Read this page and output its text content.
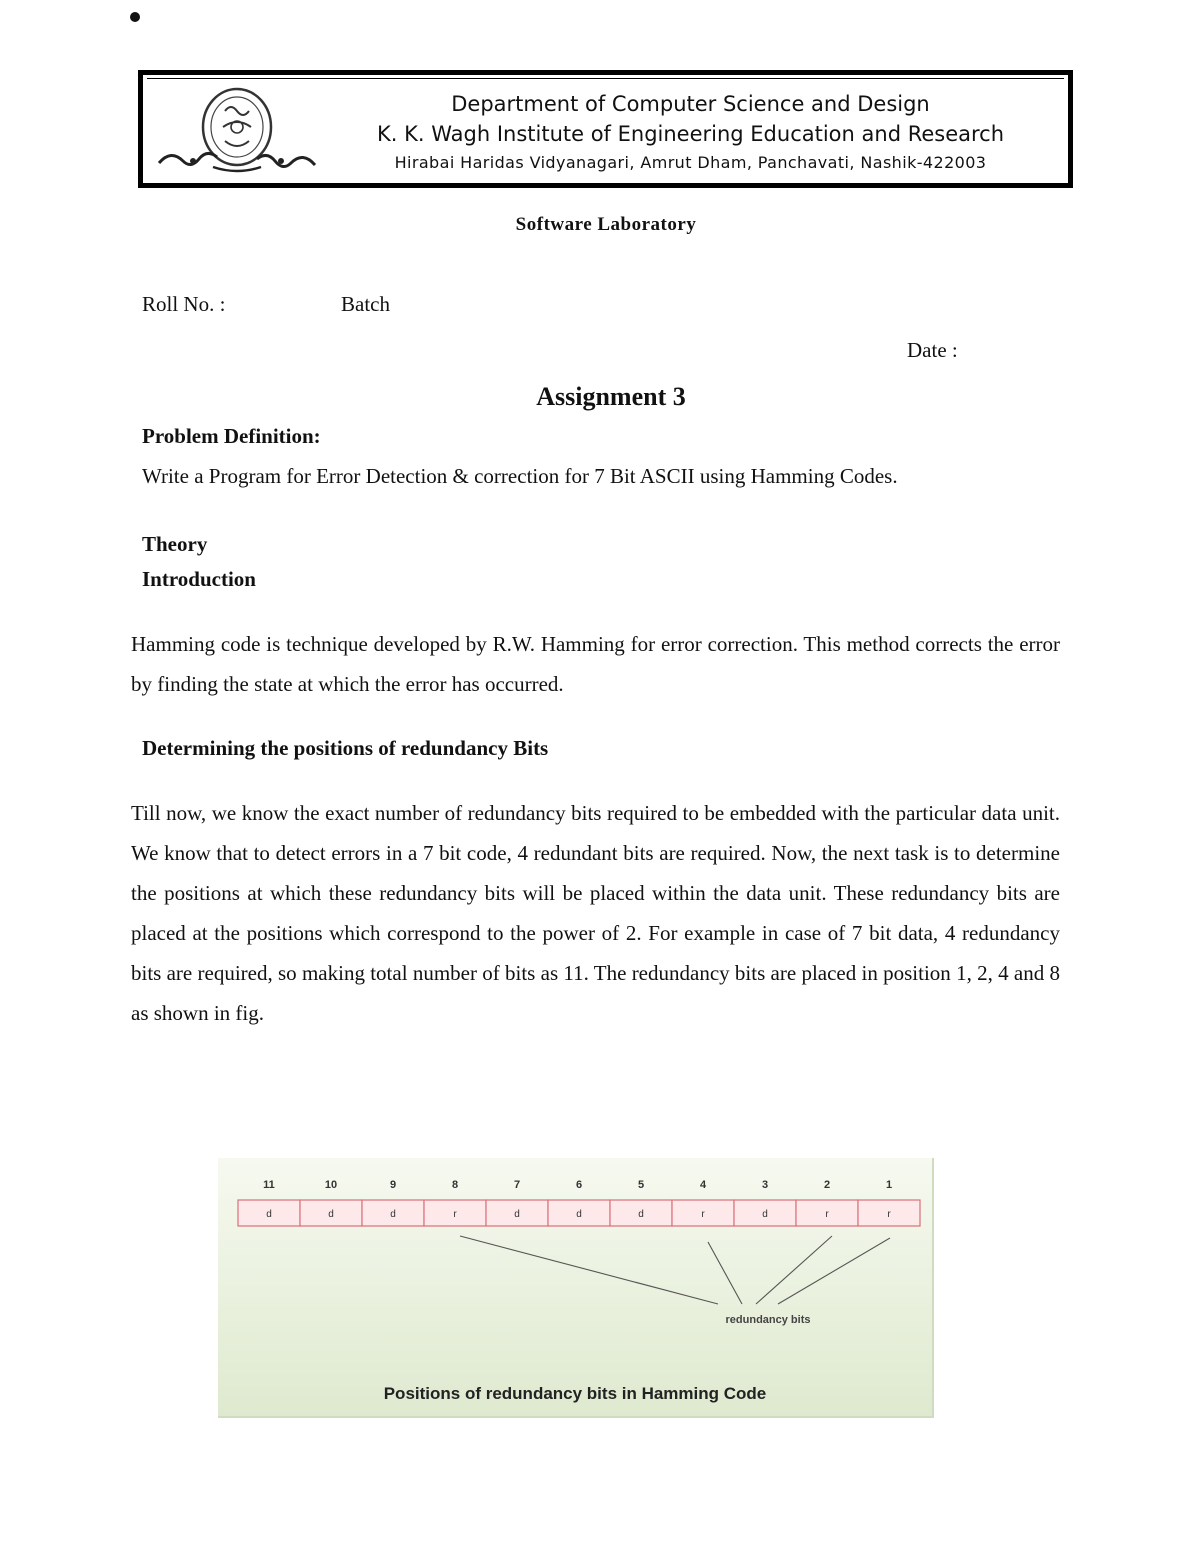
Department of Computer Science and Design
K. K. Wagh Institute of Engineering Education and Research
Hirabai Haridas Vidyanagari, Amrut Dham, Panchavati, Nashik-422003
Software Laboratory
Roll No. :	Batch
Date :
Assignment 3
Problem Definition:
Write a Program for Error Detection & correction for 7 Bit ASCII using Hamming Codes.
Theory
Introduction
Hamming code is technique developed by R.W. Hamming for error correction. This method corrects the error by finding the state at which the error has occurred.
Determining the positions of redundancy Bits
Till now, we know the exact number of redundancy bits required to be embedded with the particular data unit. We know that to detect errors in a 7 bit code, 4 redundant bits are required. Now, the next task is to determine the positions at which these redundancy bits will be placed within the data unit. These redundancy bits are placed at the positions which correspond to the power of 2. For example in case of 7 bit data, 4 redundancy bits are required, so making total number of bits as 11. The redundancy bits are placed in position 1, 2, 4 and 8 as shown in fig.
11
d
10
d
9
d
8
r
7
d
6
d
5
d
4
r
3
d
2
r
1
r
redundancy bits
Positions of redundancy bits in Hamming Code
